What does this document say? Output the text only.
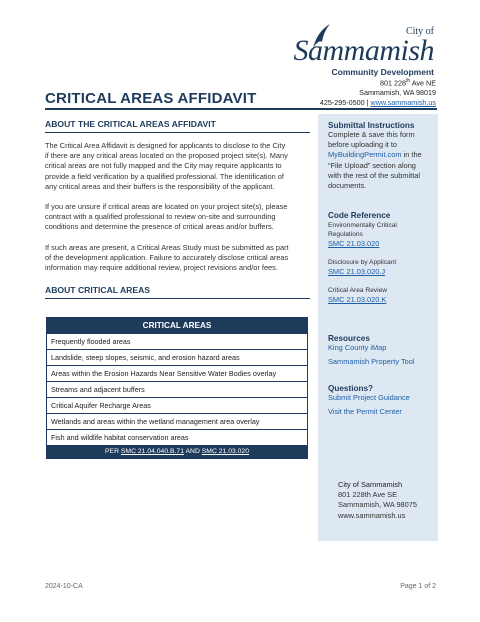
City of
Sammamish
Community Development
801 228th Ave NE
Sammamish, WA 98019
425-295-0500 | www.sammamish.us
CRITICAL AREAS AFFIDAVIT
ABOUT THE CRITICAL AREAS AFFIDAVIT
The Critical Area Affidavit is designed for applicants to disclose to the City
if there are any critical areas located on the proposed project site(s). Many
critical areas are not fully mapped and the City may require applicants to
provide a field verification by a qualified professional. The identification of
any critical areas and their buffers is the responsibility of the applicant.
If you are unsure if critical areas are located on your project site(s), please
contract with a qualified professional to review on-site and surrounding
conditions and determine the presence of critical areas and/or buffers.
If such areas are present, a Critical Areas Study must be submitted as part
of the development application. Failure to accurately disclose critical areas
information may require additional review, project revisions and/or fees.
ABOUT CRITICAL AREAS
CRITICAL AREAS
Frequently flooded areas
Landslide, steep slopes, seismic, and erosion hazard areas
Areas within the Erosion Hazards Near Sensitive Water Bodies overlay
Streams and adjacent buffers
Critical Aquifer Recharge Areas
Wetlands and areas within the wetland management area overlay
Fish and wildlife habitat conservation areas
PER SMC 21.04.040.B.71 AND SMC 21.03.020
Submittal Instructions
Complete & save this form
before uploading it to
MyBuildingPermit.com in the
“File Upload” section along
with the rest of the submittal
documents.
Code Reference
Environmentally Critical
Regulations
SMC 21.03.020
Disclosure by Applicant
SMC 21.03.020.J
Critical Area Review
SMC 21.03.020.K
Resources
King County iMap
Sammamish Property Tool
Questions?
Submit Project Guidance
Visit the Permit Center
City of Sammamish
801 228th Ave SE
Sammamish, WA 98075
www.sammamish.us
2024-10-CA	Page 1 of 2
